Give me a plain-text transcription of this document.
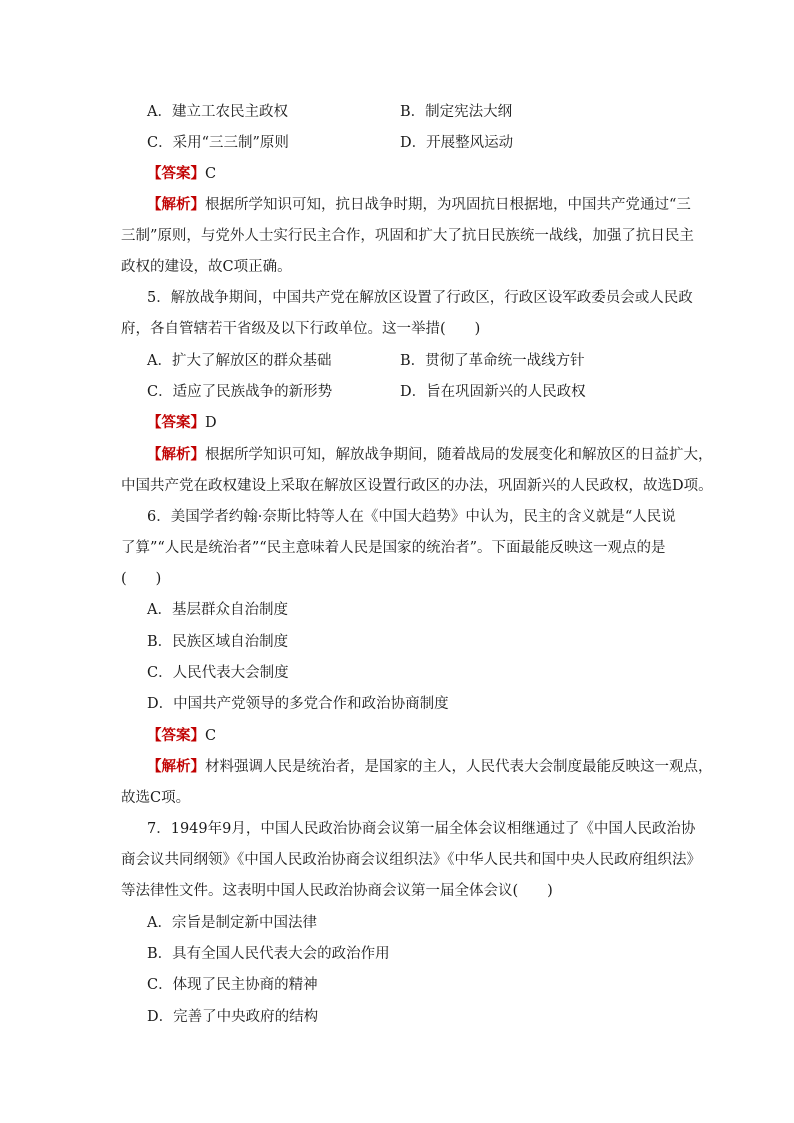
A．建立工农民主政权	B．制定宪法大纲
C．采用“三三制”原则	D．开展整风运动
【答案】C
【解析】根据所学知识可知，抗日战争时期，为巩固抗日根据地，中国共产党通过“三
三制”原则，与党外人士实行民主合作，巩固和扩大了抗日民族统一战线，加强了抗日民主
政权的建设，故C项正确。
5．解放战争期间，中国共产党在解放区设置了行政区，行政区设军政委员会或人民政
府，各自管辖若干省级及以下行政单位。这一举措(　　)
A．扩大了解放区的群众基础	B．贯彻了革命统一战线方针
C．适应了民族战争的新形势	D．旨在巩固新兴的人民政权
【答案】D
【解析】根据所学知识可知，解放战争期间，随着战局的发展变化和解放区的日益扩大，
中国共产党在政权建设上采取在解放区设置行政区的办法，巩固新兴的人民政权，故选D项。
6．美国学者约翰·奈斯比特等人在《中国大趋势》中认为，民主的含义就是“人民说
了算”“人民是统治者”“民主意味着人民是国家的统治者”。下面最能反映这一观点的是
(　　)
A．基层群众自治制度
B．民族区域自治制度
C．人民代表大会制度
D．中国共产党领导的多党合作和政治协商制度
【答案】C
【解析】材料强调人民是统治者，是国家的主人，人民代表大会制度最能反映这一观点，
故选C项。
7．1949年9月，中国人民政治协商会议第一届全体会议相继通过了《中国人民政治协
商会议共同纲领》《中国人民政治协商会议组织法》《中华人民共和国中央人民政府组织法》
等法律性文件。这表明中国人民政治协商会议第一届全体会议(　　)
A．宗旨是制定新中国法律
B．具有全国人民代表大会的政治作用
C．体现了民主协商的精神
D．完善了中央政府的结构
